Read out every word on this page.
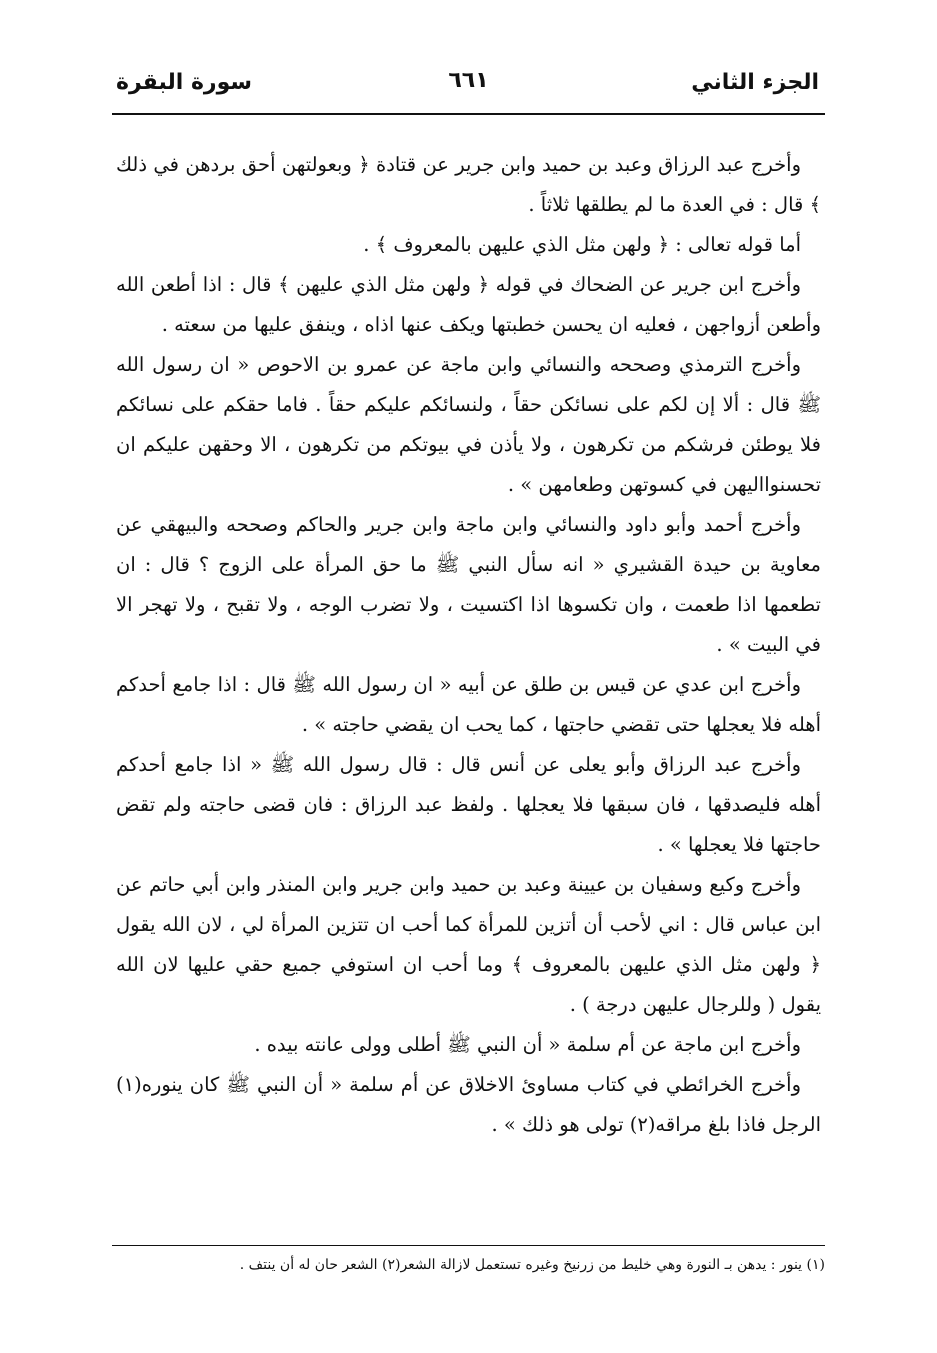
الجزء الثاني
٦٦١
سورة البقرة

وأخرج عبد الرزاق وعبد بن حميد وابن جرير عن قتادة ﴿ وبعولتهن أحق بردهن في ذلك ﴾ قال : في العدة ما لم يطلقها ثلاثاً .

أما قوله تعالى : ﴿ ولهن مثل الذي عليهن بالمعروف ﴾ .

وأخرج ابن جرير عن الضحاك في قوله ﴿ ولهن مثل الذي عليهن ﴾ قال : اذا أطعن الله وأطعن أزواجهن ، فعليه ان يحسن خطبتها ويكف عنها اذاه ، وينفق عليها من سعته .

وأخرج الترمذي وصححه والنسائي وابن ماجة عن عمرو بن الاحوص « ان رسول الله ﷺ قال : ألا إن لكم على نسائكن حقاً ، ولنسائكم عليكم حقاً . فاما حقكم على نسائكم فلا يوطئن فرشكم من تكرهون ، ولا يأذن في بيوتكم من تكرهون ، الا وحقهن عليكم ان تحسنوااليهن في كسوتهن وطعامهن » .

وأخرج أحمد وأبو داود والنسائي وابن ماجة وابن جرير والحاكم وصححه والبيهقي عن معاوية بن حيدة القشيري « انه سأل النبي ﷺ ما حق المرأة على الزوج ؟ قال : ان تطعمها اذا طعمت ، وان تكسوها اذا اكتسيت ، ولا تضرب الوجه ، ولا تقبح ، ولا تهجر الا في البيت » .

وأخرج ابن عدي عن قيس بن طلق عن أبيه « ان رسول الله ﷺ قال : اذا جامع أحدكم أهله فلا يعجلها حتى تقضي حاجتها ، كما يحب ان يقضي حاجته » .

وأخرج عبد الرزاق وأبو يعلى عن أنس قال : قال رسول الله ﷺ « اذا جامع أحدكم أهله فليصدقها ، فان سبقها فلا يعجلها . ولفظ عبد الرزاق : فان قضى حاجته ولم تقض حاجتها فلا يعجلها » .

وأخرج وكيع وسفيان بن عيينة وعبد بن حميد وابن جرير وابن المنذر وابن أبي حاتم عن ابن عباس قال : اني لأحب أن أتزين للمرأة كما أحب ان تتزين المرأة لي ، لان الله يقول ﴿ ولهن مثل الذي عليهن بالمعروف ﴾ وما أحب ان استوفي جميع حقي عليها لان الله يقول ( وللرجال عليهن درجة ) .

وأخرج ابن ماجة عن أم سلمة « أن النبي ﷺ أطلى وولى عانته بيده .

وأخرج الخرائطي في كتاب مساوئ الاخلاق عن أم سلمة « أن النبي ﷺ كان ينوره(١) الرجل فاذا بلغ مراقه(٢) تولى هو ذلك » .

(١) ينور : يدهن بـ النورة وهي خليط من زرنيخ وغيره تستعمل لازالة الشعر(٢) الشعر حان له أن ينتف .
